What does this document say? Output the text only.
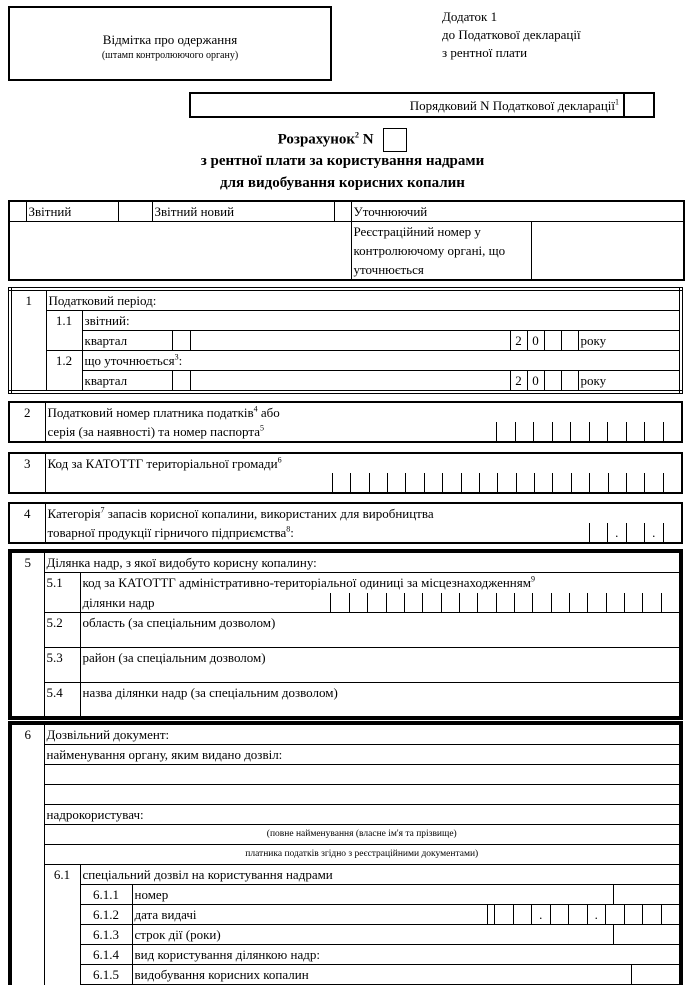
Відмітка про одержання
(штамп контролюючого органу)
Додаток 1
до Податкової декларації
з рентної плати
Порядковий N Податкової декларації$^1$
Розрахунок$^2$ N
з рентної плати за користування надрами
для видобування корисних копалин
	Звітний		Звітний новий		Уточнюючий	
					Реєстраційний номер у контролюючому органі, що уточнюється	
1	Податковий період:								
	1.1	звітний:							
		квартал			2	0			року
	1.2	що уточнюється$^3$:							
		квартал			2	0			року
2	Податковий номер платника податків$^4$ або	
	серія (за наявності) та номер паспорта$^5$	
3	Код за КАТОТТГ територіальної громади$^6$

4	Категорія$^7$ запасів корисної копалини, використаних для виробництва	
	товарної продукції гірничого підприємства$^8$:	. .
5	Ділянка надр, з якої видобуто корисну копалину:		
	5.1	код за КАТОТТГ адміністративно-територіальної одиниці за місцезнаходженням$^9$
		ділянки надр	

	5.2	область (за спеціальним дозволом)	
	5.3	район (за спеціальним дозволом)	
	5.4	назва ділянки надр (за спеціальним дозволом)	
6	Дозвільний документ:					
	найменування органу, яким видано дозвіл:					

	надрокористувач:					
	(повне найменування (власне ім'я та прізвище)					
	платника податків згідно з реєстраційними документами)					
	6.1	спеціальний дозвіл на користування надрами				
		6.1.1	номер			
		6.1.2	дата видачі	. .		

		6.1.3	строк дії (роки)			
		6.1.4	вид користування ділянкою надр:			
		6.1.5	видобування корисних копалин			
